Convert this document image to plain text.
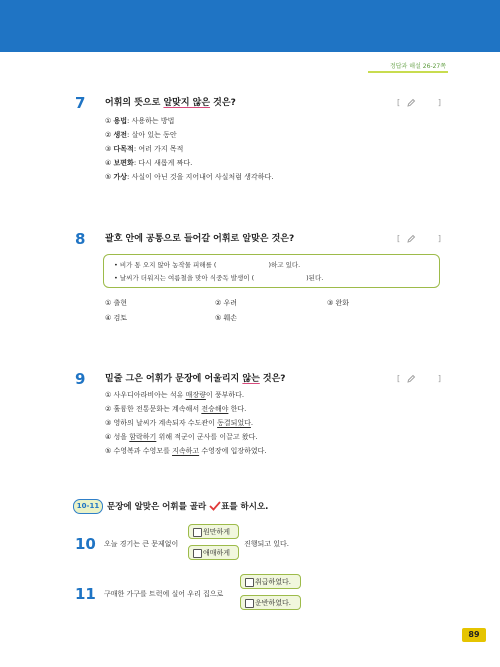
정답과 해설 26-27쪽
7 어휘의 뜻으로 알맞지 않은 것은?	[	]
① 용법: 사용하는 방법
② 생전: 살아 있는 동안
③ 다목적: 여러 가지 목적
④ 보편화: 다시 새롭게 짜다.
⑤ 가상: 사실이 아닌 것을 지어내어 사실처럼 생각하다.
8 괄호 안에 공통으로 들어갈 어휘로 알맞은 것은?	[	]
• 비가 통 오지 않아 농작물 피해를 (	)하고 있다.
• 날씨가 더워지는 여름철을 맞아 식중독 발생이 (	)된다.
① 출현	② 우려	③ 완화
④ 검토	⑤ 훼손
9 밑줄 그은 어휘가 문장에 어울리지 않는 것은?	[	]
① 사우디아라비아는 석유 매장량이 풍부하다.
② 훌륭한 전통문화는 계속해서 전승해야 한다.
③ 영하의 날씨가 계속되자 수도관이 동결되었다.
④ 성을 함락하기 위해 적군이 군사를 이끌고 왔다.
⑤ 수영복과 수영모를 지속하고 수영장에 입장하였다.
10-11 문장에 알맞은 어휘를 골라 표를 하시오.
10 오늘 경기는 큰 문제없이
원만하게
애매하게
진행되고 있다.
11 구매한 가구를 트럭에 실어 우리 집으로
취급하였다.
운반하였다.
89
